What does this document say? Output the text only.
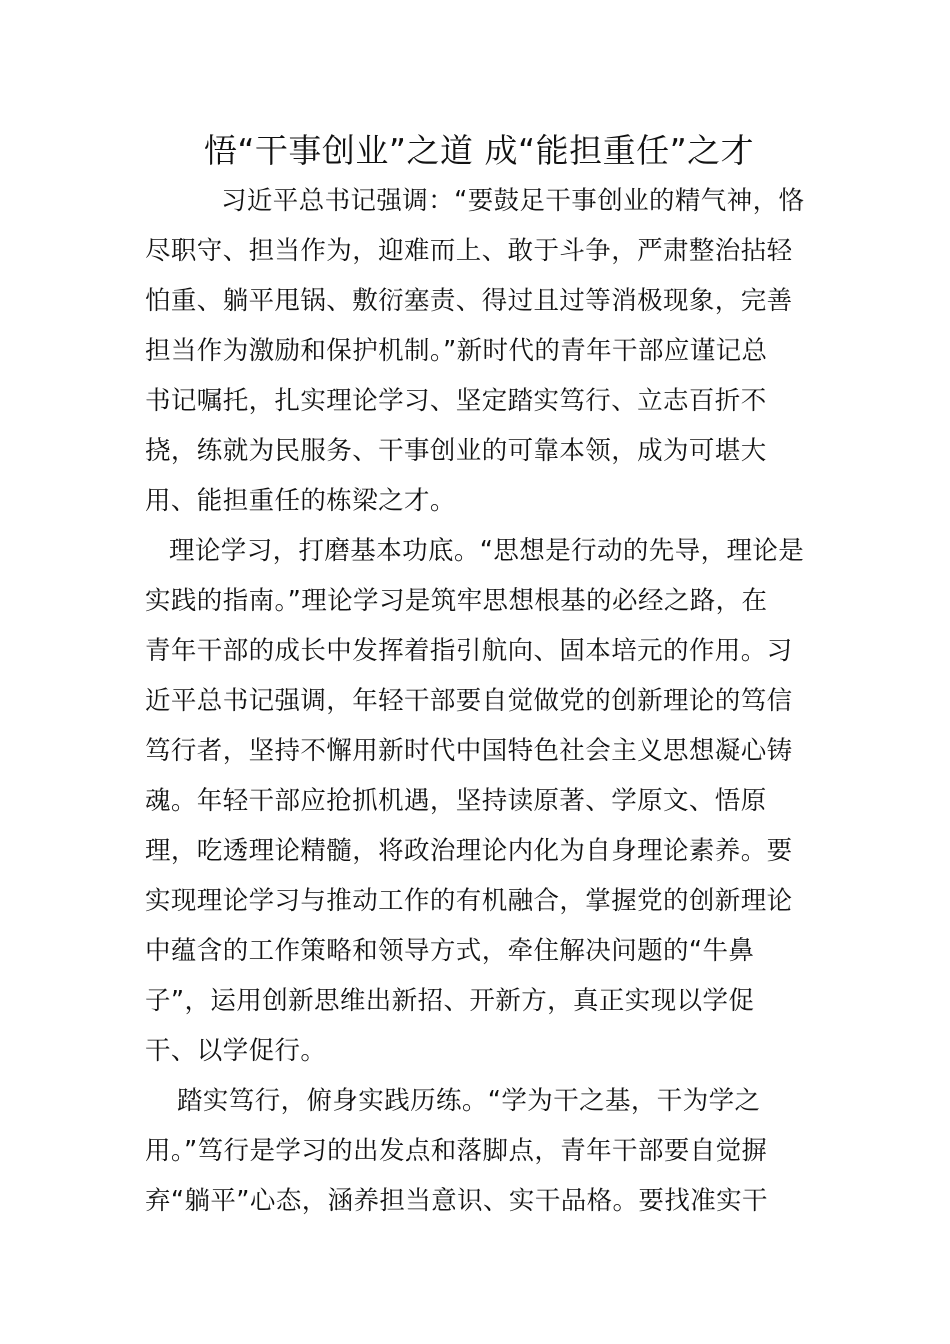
悟“干事创业”之道 成“能担重任”之才
习近平总书记强调：“要鼓足干事创业的精气神，恪
尽职守、担当作为，迎难而上、敢于斗争，严肃整治拈轻
怕重、躺平甩锅、敷衍塞责、得过且过等消极现象，完善
担当作为激励和保护机制。”新时代的青年干部应谨记总
书记嘱托，扎实理论学习、坚定踏实笃行、立志百折不
挠，练就为民服务、干事创业的可靠本领，成为可堪大
用、能担重任的栋梁之才。
理论学习，打磨基本功底。“思想是行动的先导，理论是
实践的指南。”理论学习是筑牢思想根基的必经之路，在
青年干部的成长中发挥着指引航向、固本培元的作用。习
近平总书记强调，年轻干部要自觉做党的创新理论的笃信
笃行者，坚持不懈用新时代中国特色社会主义思想凝心铸
魂。年轻干部应抢抓机遇，坚持读原著、学原文、悟原
理，吃透理论精髓，将政治理论内化为自身理论素养。要
实现理论学习与推动工作的有机融合，掌握党的创新理论
中蕴含的工作策略和领导方式，牵住解决问题的“牛鼻
子”，运用创新思维出新招、开新方，真正实现以学促
干、以学促行。
踏实笃行，俯身实践历练。“学为干之基，干为学之
用。”笃行是学习的出发点和落脚点，青年干部要自觉摒
弃“躺平”心态，涵养担当意识、实干品格。要找准实干
